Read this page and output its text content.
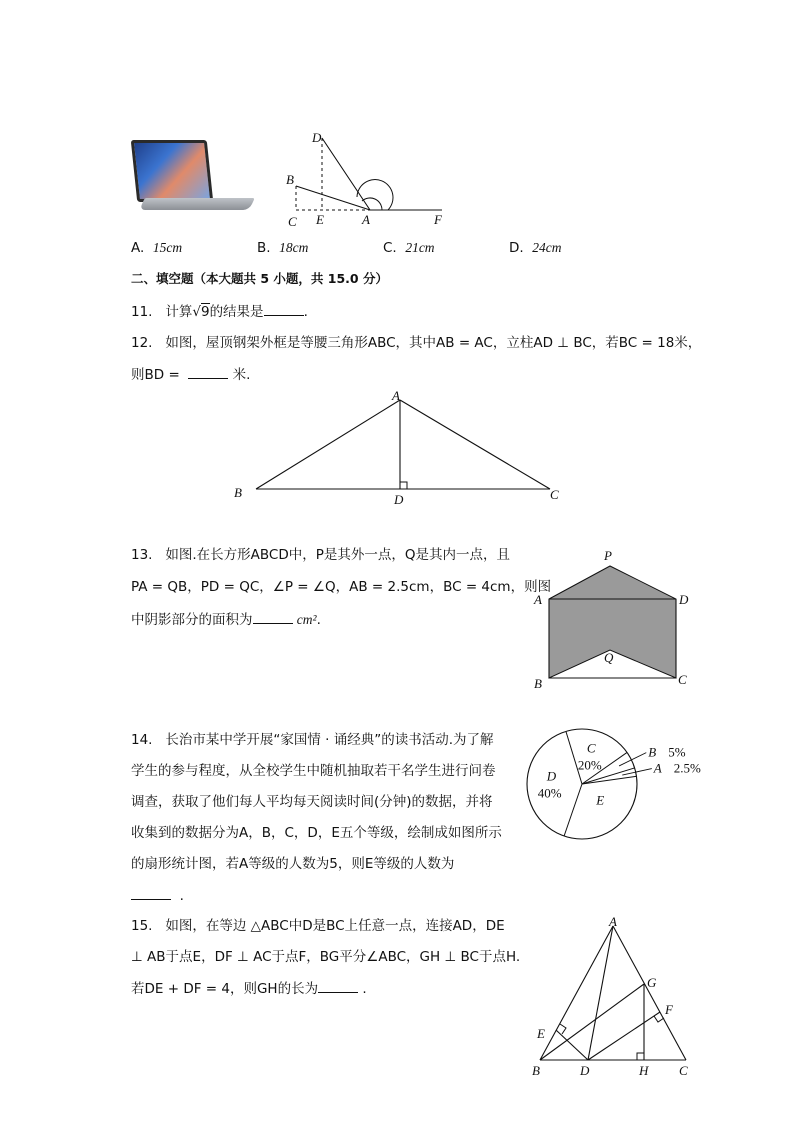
D
B
C E	A	F
A. 15cm	B. 18cm	C. 21cm	D. 24cm
二、填空题（本大题共 5 小题，共 15.0 分）
11. 计算√9的结果是	.
12. 如图，屋顶钢架外框是等腰三角形ABC，其中AB = AC，立柱AD ⊥ BC，若BC = 18米，
则BD =	米.
A
B	D	C
13. 如图.在长方形ABCD中，P是其外一点，Q是其内一点，且
PA = QB，PD = QC，∠P = ∠Q，AB = 2.5cm，BC = 4cm，则图
中阴影部分的面积为	cm².
P
A	D
Q
B	C
14. 长治市某中学开展“家国情 · 诵经典”的读书活动.为了解
学生的参与程度，从全校学生中随机抽取若干名学生进行问卷
调查，获取了他们每人平均每天阅读时间(分钟)的数据，并将
收集到的数据分为A，B，C，D，E五个等级，绘制成如图所示
的扇形统计图，若A等级的人数为5，则E等级的人数为
.
A 2.5%
B 5%
C
20%
D
40%	E
15. 如图，在等边 △ABC中D是BC上任意一点，连接AD，DE
⊥ AB于点E，DF ⊥ AC于点F，BG平分∠ABC，GH ⊥ BC于点H.
若DE + DF = 4，则GH的长为	.
A
G
F
E
B	D	H C
